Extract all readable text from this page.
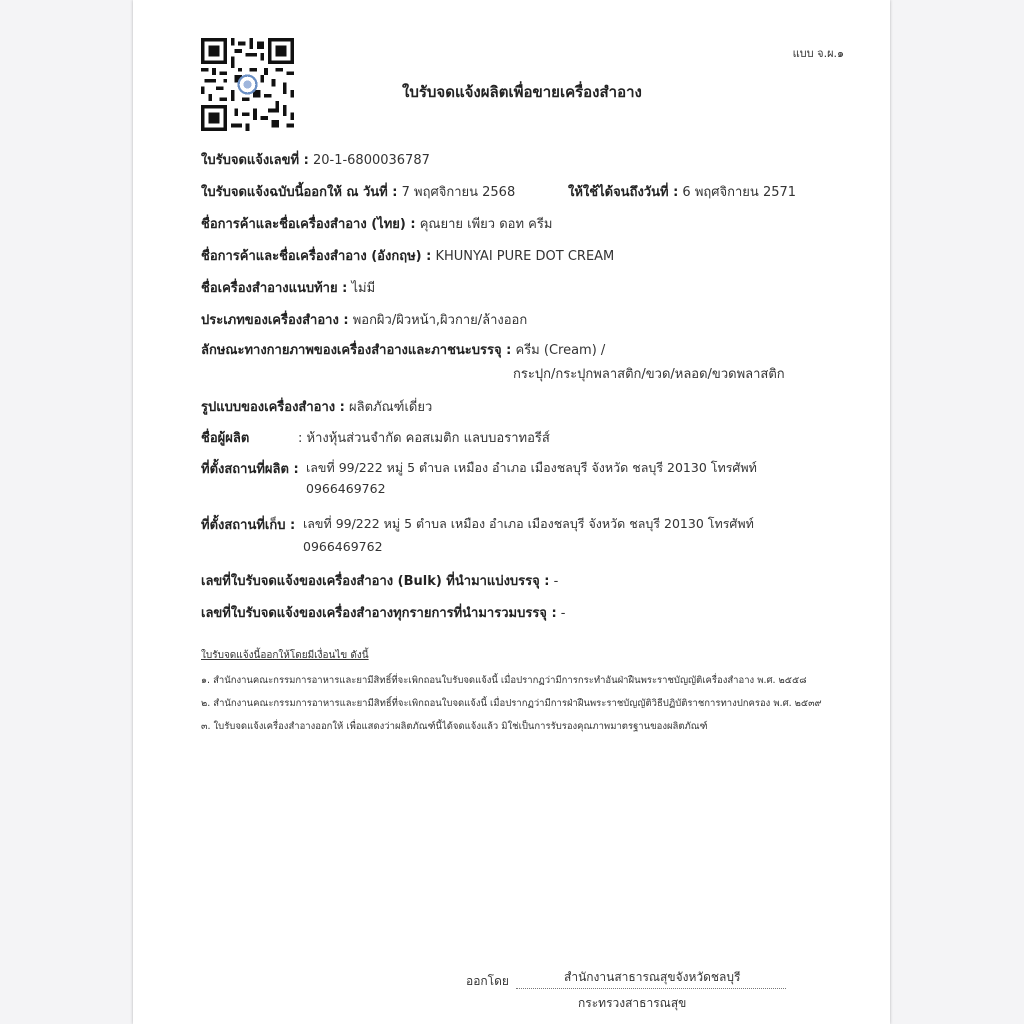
แบบ จ.ผ.๑
ใบรับจดแจ้งผลิตเพื่อขายเครื่องสำอาง
ใบรับจดแจ้งเลขที่ : 20-1-6800036787
ใบรับจดแจ้งฉบับนี้ออกให้ ณ วันที่ : 7 พฤศจิกายน 2568	ให้ใช้ได้จนถึงวันที่ : 6 พฤศจิกายน 2571
ชื่อการค้าและชื่อเครื่องสำอาง (ไทย) : คุณยาย เพียว ดอท ครีม
ชื่อการค้าและชื่อเครื่องสำอาง (อังกฤษ) : KHUNYAI PURE DOT CREAM
ชื่อเครื่องสำอางแนบท้าย : ไม่มี
ประเภทของเครื่องสำอาง : พอกผิว/ผิวหน้า,ผิวกาย/ล้างออก
ลักษณะทางกายภาพของเครื่องสำอางและภาชนะบรรจุ : ครีม (Cream) /
กระปุก/กระปุกพลาสติก/ขวด/หลอด/ขวดพลาสติก
รูปแบบของเครื่องสำอาง : ผลิตภัณฑ์เดี่ยว
ชื่อผู้ผลิต	: ห้างหุ้นส่วนจำกัด คอสเมติก แลบบอราทอรีส์
ที่ตั้งสถานที่ผลิต : เลขที่ 99/222 หมู่ 5 ตำบล เหมือง อำเภอ เมืองชลบุรี จังหวัด ชลบุรี 20130 โทรศัพท์
0966469762
ที่ตั้งสถานที่เก็บ : เลขที่ 99/222 หมู่ 5 ตำบล เหมือง อำเภอ เมืองชลบุรี จังหวัด ชลบุรี 20130 โทรศัพท์
0966469762
เลขที่ใบรับจดแจ้งของเครื่องสำอาง (Bulk) ที่นำมาแบ่งบรรจุ : -
เลขที่ใบรับจดแจ้งของเครื่องสำอางทุกรายการที่นำมารวมบรรจุ : -
ใบรับจดแจ้งนี้ออกให้โดยมีเงื่อนไข ดังนี้
๑. สำนักงานคณะกรรมการอาหารและยามีสิทธิ์ที่จะเพิกถอนใบรับจดแจ้งนี้ เมื่อปรากฏว่ามีการกระทำอันฝ่าฝืนพระราชบัญญัติเครื่องสำอาง พ.ศ. ๒๕๕๘
๒. สำนักงานคณะกรรมการอาหารและยามีสิทธิ์ที่จะเพิกถอนใบจดแจ้งนี้ เมื่อปรากฏว่ามีการฝ่าฝืนพระราชบัญญัติวิธีปฏิบัติราชการทางปกครอง พ.ศ. ๒๕๓๙
๓. ใบรับจดแจ้งเครื่องสำอางออกให้ เพื่อแสดงว่าผลิตภัณฑ์นี้ได้จดแจ้งแล้ว มิใช่เป็นการรับรองคุณภาพมาตรฐานของผลิตภัณฑ์
ออกโดย	สำนักงานสาธารณสุขจังหวัดชลบุรี
กระทรวงสาธารณสุข
